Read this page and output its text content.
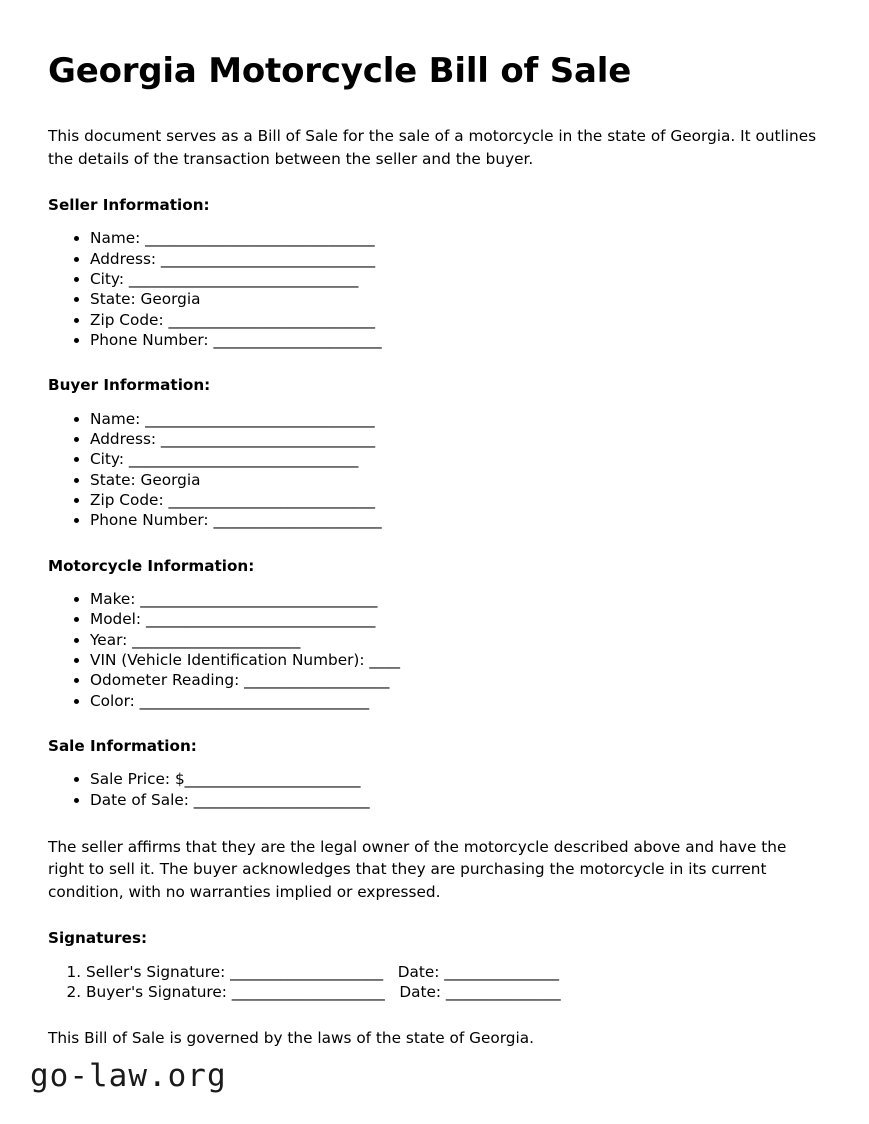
Georgia Motorcycle Bill of Sale

This document serves as a Bill of Sale for the sale of a motorcycle in the state of Georgia. It outlines the details of the transaction between the seller and the buyer.

Seller Information:
• Name: ______________________________
• Address: ____________________________
• City: ______________________________
• State: Georgia
• Zip Code: ___________________________
• Phone Number: ______________________
Buyer Information:
• Name: ______________________________
• Address: ____________________________
• City: ______________________________
• State: Georgia
• Zip Code: ___________________________
• Phone Number: ______________________
Motorcycle Information:
• Make: _______________________________
• Model: ______________________________
• Year: ______________________
• VIN (Vehicle Identification Number): ____
• Odometer Reading: ___________________
• Color: ______________________________
Sale Information:
• Sale Price: $_______________________
• Date of Sale: _______________________

The seller affirms that they are the legal owner of the motorcycle described above and have the right to sell it. The buyer acknowledges that they are purchasing the motorcycle in its current condition, with no warranties implied or expressed.

Signatures:
1. Seller's Signature: ____________________   Date: _______________
2. Buyer's Signature: ____________________   Date: _______________

This Bill of Sale is governed by the laws of the state of Georgia.

go-law.org
